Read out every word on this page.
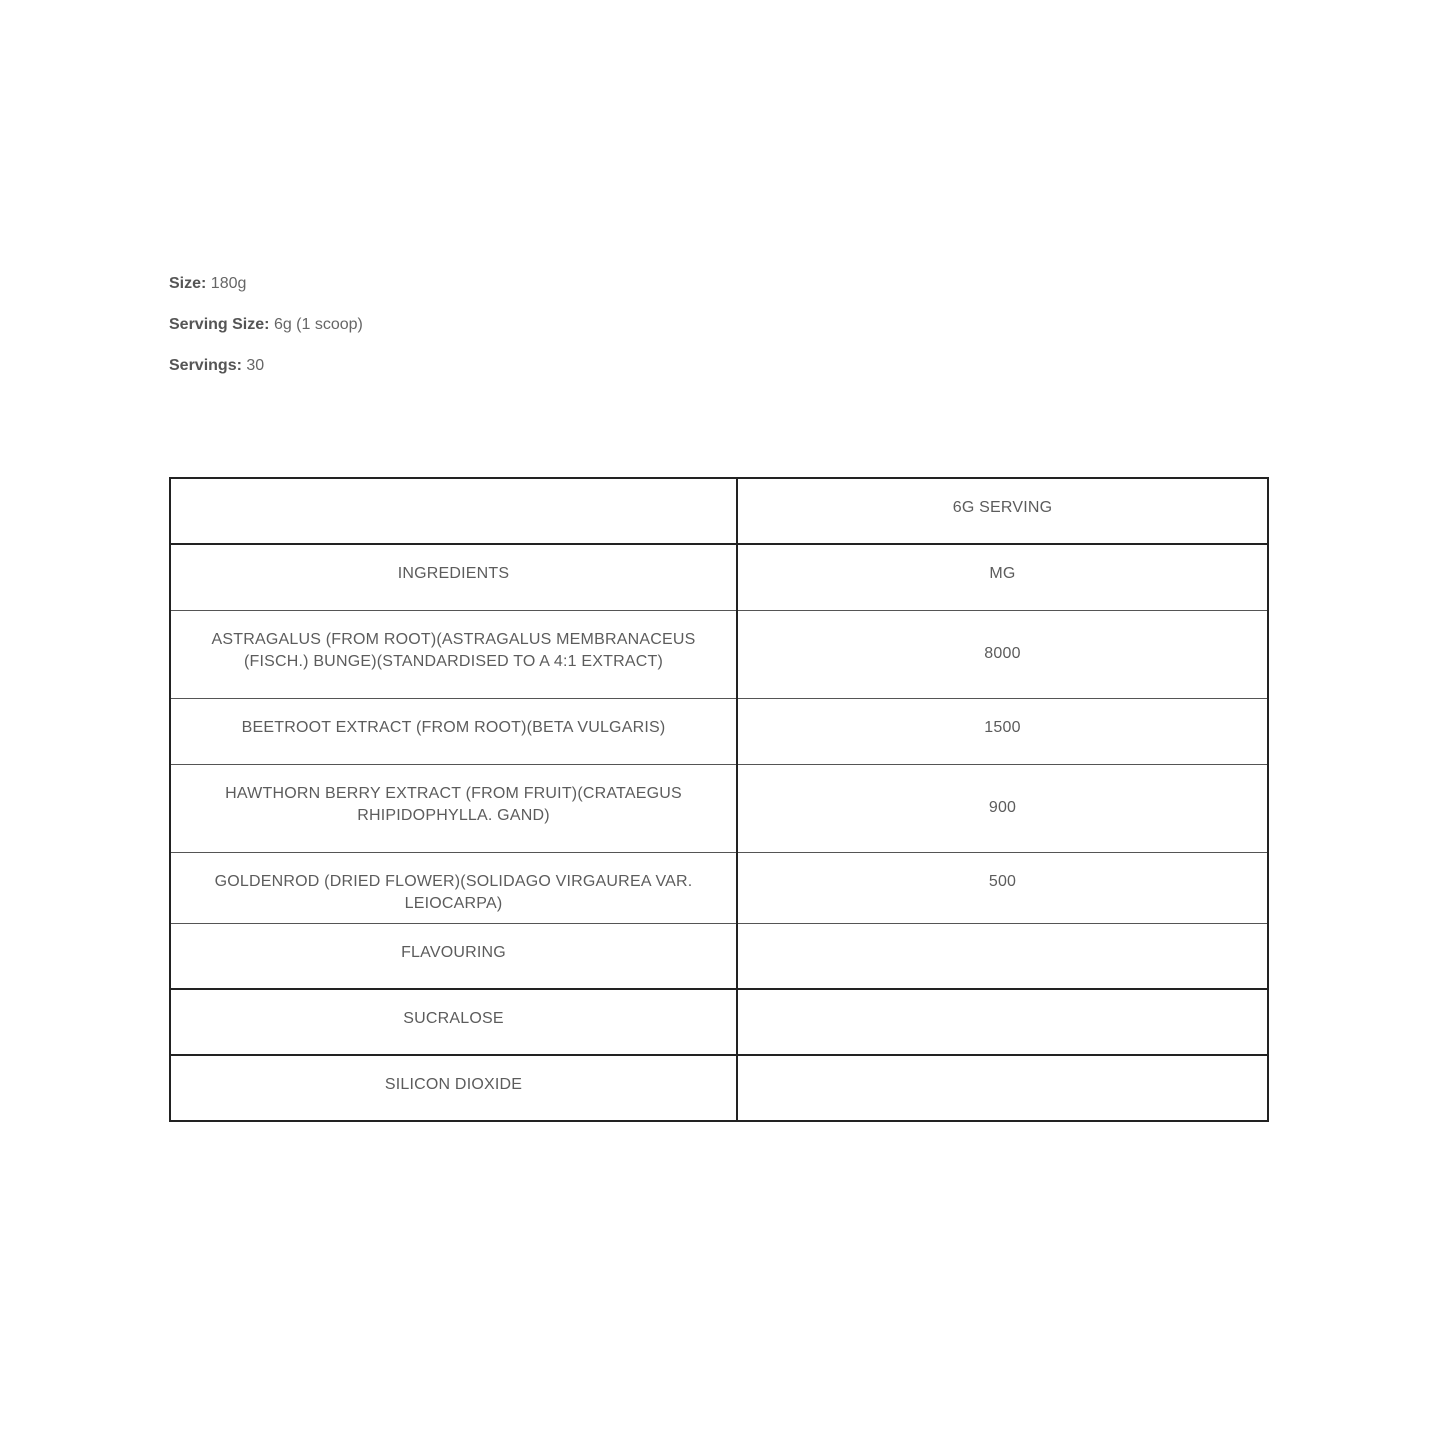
Size: 180g
Serving Size: 6g (1 scoop)
Servings: 30
	6G SERVING
INGREDIENTS	MG
ASTRAGALUS (FROM ROOT)(ASTRAGALUS MEMBRANACEUS (FISCH.) BUNGE)(STANDARDISED TO A 4:1 EXTRACT)	8000
BEETROOT EXTRACT (FROM ROOT)(BETA VULGARIS)	1500
HAWTHORN BERRY EXTRACT (FROM FRUIT)(CRATAEGUS RHIPIDOPHYLLA. GAND)	900
GOLDENROD (DRIED FLOWER)(SOLIDAGO VIRGAUREA VAR. LEIOCARPA)	500
FLAVOURING	
SUCRALOSE	
SILICON DIOXIDE	
